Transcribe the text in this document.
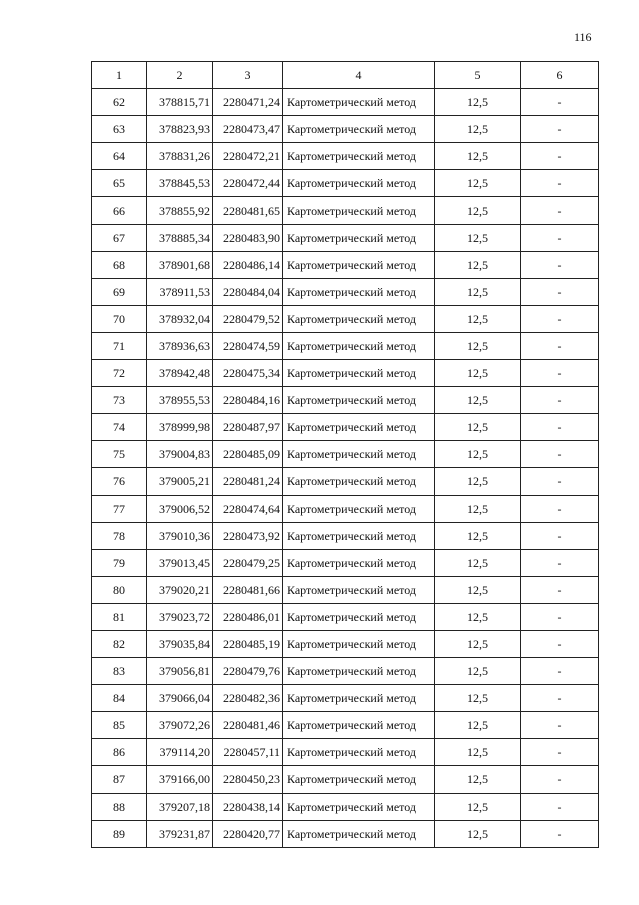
116
1	2	3	4	5	6
62	378815,71	2280471,24	Картометрический метод	12,5	-
63	378823,93	2280473,47	Картометрический метод	12,5	-
64	378831,26	2280472,21	Картометрический метод	12,5	-
65	378845,53	2280472,44	Картометрический метод	12,5	-
66	378855,92	2280481,65	Картометрический метод	12,5	-
67	378885,34	2280483,90	Картометрический метод	12,5	-
68	378901,68	2280486,14	Картометрический метод	12,5	-
69	378911,53	2280484,04	Картометрический метод	12,5	-
70	378932,04	2280479,52	Картометрический метод	12,5	-
71	378936,63	2280474,59	Картометрический метод	12,5	-
72	378942,48	2280475,34	Картометрический метод	12,5	-
73	378955,53	2280484,16	Картометрический метод	12,5	-
74	378999,98	2280487,97	Картометрический метод	12,5	-
75	379004,83	2280485,09	Картометрический метод	12,5	-
76	379005,21	2280481,24	Картометрический метод	12,5	-
77	379006,52	2280474,64	Картометрический метод	12,5	-
78	379010,36	2280473,92	Картометрический метод	12,5	-
79	379013,45	2280479,25	Картометрический метод	12,5	-
80	379020,21	2280481,66	Картометрический метод	12,5	-
81	379023,72	2280486,01	Картометрический метод	12,5	-
82	379035,84	2280485,19	Картометрический метод	12,5	-
83	379056,81	2280479,76	Картометрический метод	12,5	-
84	379066,04	2280482,36	Картометрический метод	12,5	-
85	379072,26	2280481,46	Картометрический метод	12,5	-
86	379114,20	2280457,11	Картометрический метод	12,5	-
87	379166,00	2280450,23	Картометрический метод	12,5	-
88	379207,18	2280438,14	Картометрический метод	12,5	-
89	379231,87	2280420,77	Картометрический метод	12,5	-
